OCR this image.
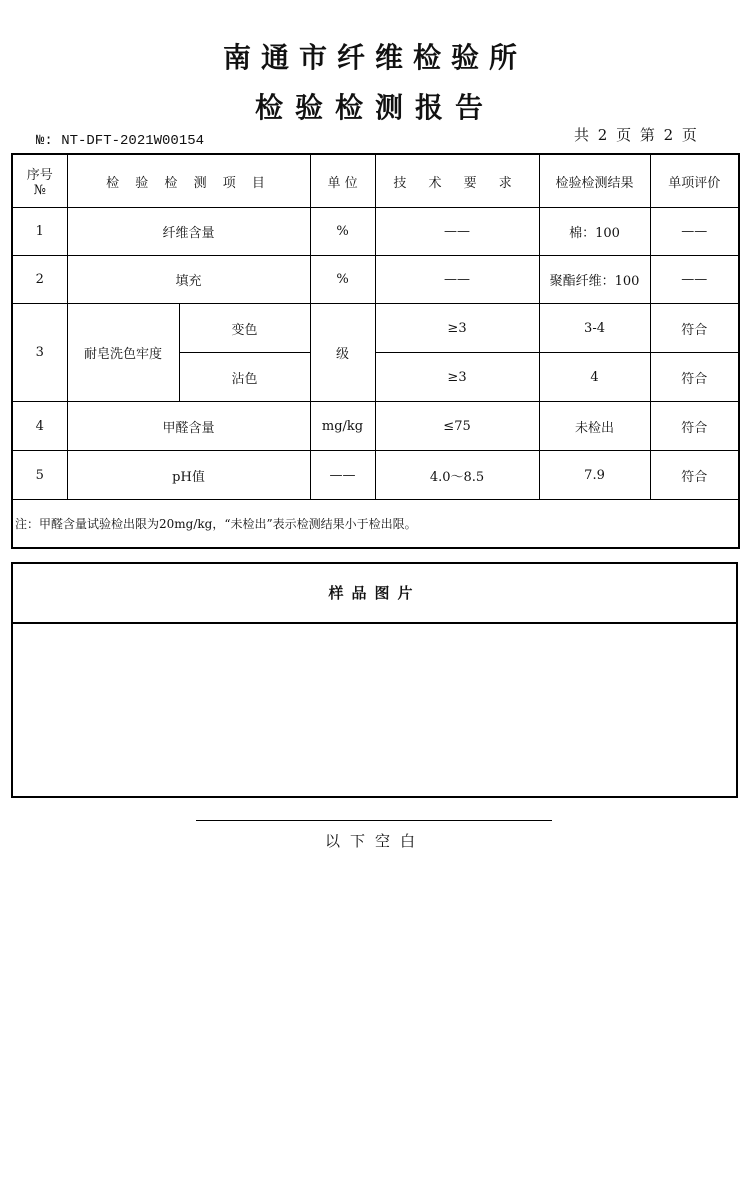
南通市纤维检验所
检验检测报告
№: NT-DFT-2021W00154	共 2 页 第 2 页
序号
№	检 验 检 测 项 目		单 位	技 术 要 求	检验检测结果	单项评价
1	纤维含量		%	——	棉：100	——
2	填充		%	——	聚酯纤维：100	——
3	耐皂洗色牢度	变色	级	≥3	3-4	符合
		沾色		≥3	4	符合
4	甲醛含量		mg/kg	≤75	未检出	符合
5	pH值		——	4.0～8.5	7.9	符合
注：甲醛含量试验检出限为20mg/kg，“未检出”表示检测结果小于检出限。						
样品图片
以下空白
